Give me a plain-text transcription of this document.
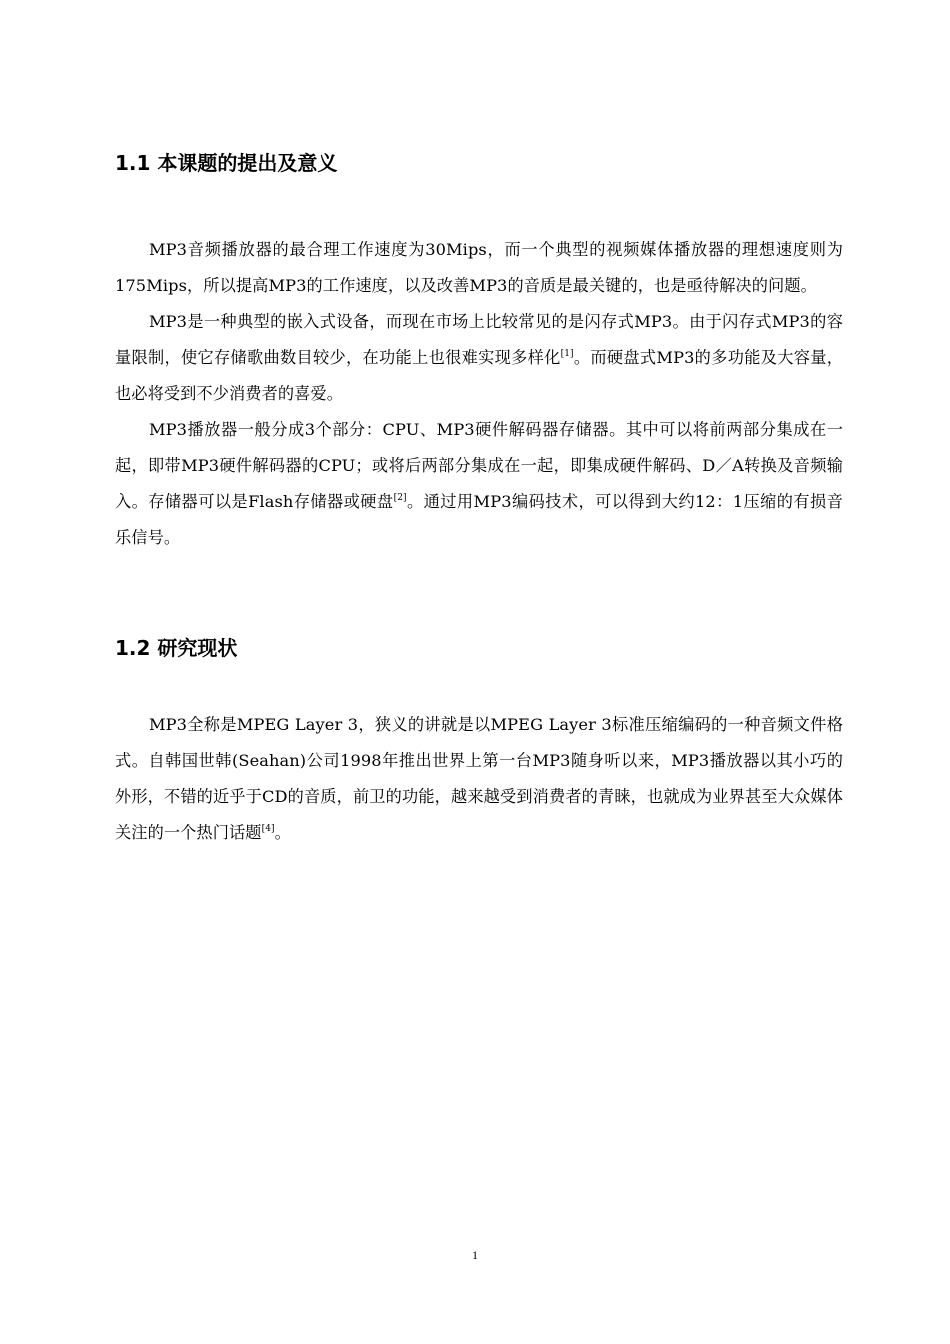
1.1 本课题的提出及意义

MP3音频播放器的最合理工作速度为30Mips，而一个典型的视频媒体播放器的理想速度则为175Mips，所以提高MP3的工作速度，以及改善MP3的音质是最关键的，也是亟待解决的问题。

MP3是一种典型的嵌入式设备，而现在市场上比较常见的是闪存式MP3。由于闪存式MP3的容量限制，使它存储歌曲数目较少，在功能上也很难实现多样化[1]。而硬盘式MP3的多功能及大容量，也必将受到不少消费者的喜爱。

MP3播放器一般分成3个部分：CPU、MP3硬件解码器存储器。其中可以将前两部分集成在一起，即带MP3硬件解码器的CPU；或将后两部分集成在一起，即集成硬件解码、D／A转换及音频输入。存储器可以是Flash存储器或硬盘[2]。通过用MP3编码技术，可以得到大约12：1压缩的有损音乐信号。

1.2 研究现状

MP3全称是MPEG Layer 3，狭义的讲就是以MPEG Layer 3标准压缩编码的一种音频文件格式。自韩国世韩(Seahan)公司1998年推出世界上第一台MP3随身听以来，MP3播放器以其小巧的外形，不错的近乎于CD的音质，前卫的功能，越来越受到消费者的青睐，也就成为业界甚至大众媒体关注的一个热门话题[4]。

1
